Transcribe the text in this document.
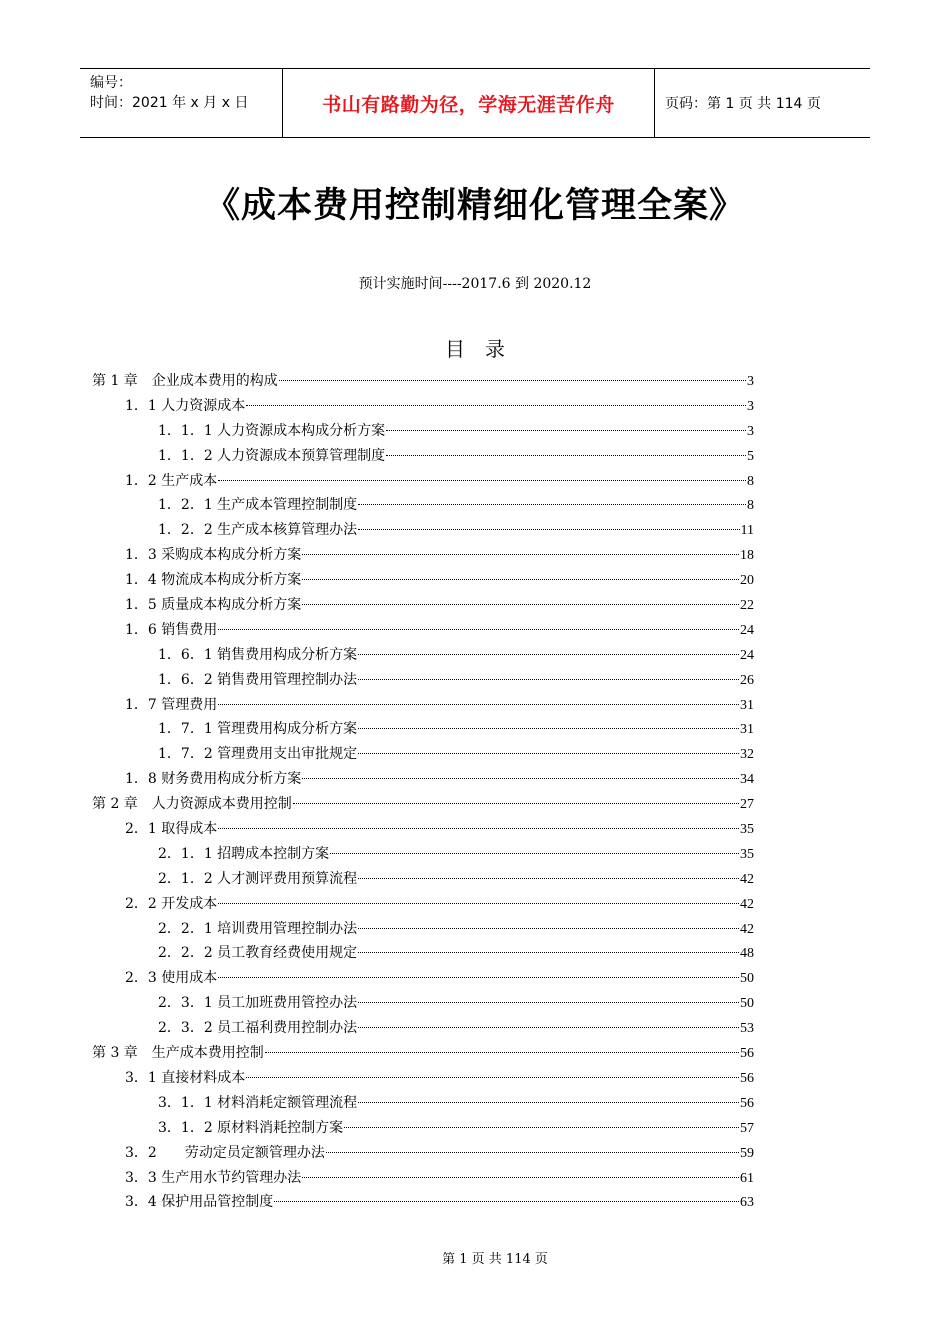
编号：
时间：2021 年 x 月 x 日	书山有路勤为径，学海无涯苦作舟	页码：第 1 页 共 114 页
《成本费用控制精细化管理全案》
预计实施时间----2017.6 到 2020.12
目　录
第 1 章　企业成本费用的构成	3
1．1 人力资源成本	3
1．1．1 人力资源成本构成分析方案	3
1．1．2 人力资源成本预算管理制度	5
1．2 生产成本	8
1．2．1 生产成本管理控制制度	8
1．2．2 生产成本核算管理办法	11
1．3 采购成本构成分析方案	18
1．4 物流成本构成分析方案	20
1．5 质量成本构成分析方案	22
1．6 销售费用	24
1．6．1 销售费用构成分析方案	24
1．6．2 销售费用管理控制办法	26
1．7 管理费用	31
1．7．1 管理费用构成分析方案	31
1．7．2 管理费用支出审批规定	32
1．8 财务费用构成分析方案	34
第 2 章　人力资源成本费用控制	27
2．1 取得成本	35
2．1．1 招聘成本控制方案	35
2．1．2 人才测评费用预算流程	42
2．2 开发成本	42
2．2．1 培训费用管理控制办法	42
2．2．2 员工教育经费使用规定	48
2．3 使用成本	50
2．3．1 员工加班费用管控办法	50
2．3．2 员工福利费用控制办法	53
第 3 章　生产成本费用控制	56
3．1 直接材料成本	56
3．1．1 材料消耗定额管理流程	56
3．1．2 原材料消耗控制方案	57
3．2　　劳动定员定额管理办法	59
3．3 生产用水节约管理办法	61
3．4 保护用品管控制度	63
第 1 页 共 114 页
